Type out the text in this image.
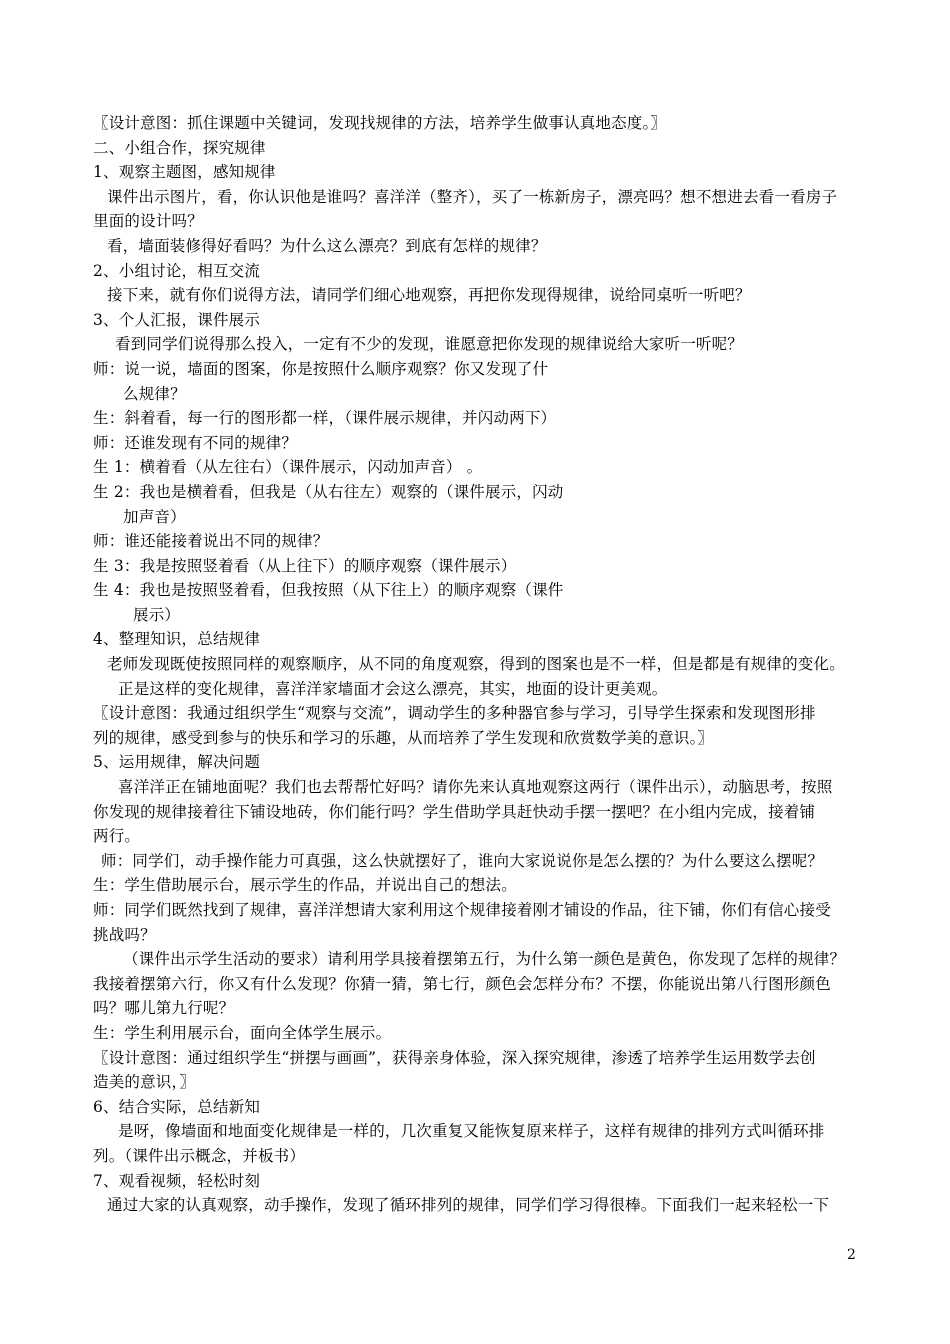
〖设计意图：抓住课题中关键词，发现找规律的方法，培养学生做事认真地态度。〗
二、小组合作，探究规律
1、观察主题图，感知规律
课件出示图片，看，你认识他是谁吗？喜洋洋（整齐），买了一栋新房子，漂亮吗？想不想进去看一看房子
里面的设计吗？
看，墙面装修得好看吗？为什么这么漂亮？到底有怎样的规律？
2、小组讨论，相互交流
接下来，就有你们说得方法，请同学们细心地观察，再把你发现得规律，说给同桌听一听吧？
3、个人汇报，课件展示
看到同学们说得那么投入，一定有不少的发现，谁愿意把你发现的规律说给大家听一听呢？
师：说一说，墙面的图案，你是按照什么顺序观察？你又发现了什
么规律？
生：斜着看，每一行的图形都一样，（课件展示规律，并闪动两下）
师：还谁发现有不同的规律？
生 1：横着看（从左往右）（课件展示，闪动加声音） 。
生 2：我也是横着看，但我是（从右往左）观察的（课件展示，闪动
加声音）
师：谁还能接着说出不同的规律？
生 3：我是按照竖着看（从上往下）的顺序观察（课件展示）
生 4：我也是按照竖着看，但我按照（从下往上）的顺序观察（课件
展示）
4、整理知识，总结规律
老师发现既使按照同样的观察顺序，从不同的角度观察，得到的图案也是不一样，但是都是有规律的变化。
正是这样的变化规律，喜洋洋家墙面才会这么漂亮，其实，地面的设计更美观。
〖设计意图：我通过组织学生“观察与交流”，调动学生的多种器官参与学习，引导学生探索和发现图形排
列的规律，感受到参与的快乐和学习的乐趣，从而培养了学生发现和欣赏数学美的意识。〗
5、运用规律，解决问题
喜洋洋正在铺地面呢？我们也去帮帮忙好吗？请你先来认真地观察这两行（课件出示），动脑思考，按照
你发现的规律接着往下铺设地砖，你们能行吗？学生借助学具赶快动手摆一摆吧？在小组内完成，接着铺
两行。
师：同学们，动手操作能力可真强，这么快就摆好了，谁向大家说说你是怎么摆的？为什么要这么摆呢？
生：学生借助展示台，展示学生的作品，并说出自己的想法。
师：同学们既然找到了规律，喜洋洋想请大家利用这个规律接着刚才铺设的作品，往下铺，你们有信心接受
挑战吗？
（课件出示学生活动的要求）请利用学具接着摆第五行，为什么第一颜色是黄色，你发现了怎样的规律？
我接着摆第六行，你又有什么发现？你猜一猜，第七行，颜色会怎样分布？不摆，你能说出第八行图形颜色
吗？哪儿第九行呢？
生：学生利用展示台，面向全体学生展示。
〖设计意图：通过组织学生“拼摆与画画”，获得亲身体验，深入探究规律，渗透了培养学生运用数学去创
造美的意识，〗
6、结合实际，总结新知
是呀，像墙面和地面变化规律是一样的，几次重复又能恢复原来样子，这样有规律的排列方式叫循环排
列。（课件出示概念，并板书）
7、观看视频，轻松时刻
通过大家的认真观察，动手操作，发现了循环排列的规律，同学们学习得很棒。下面我们一起来轻松一下
2
